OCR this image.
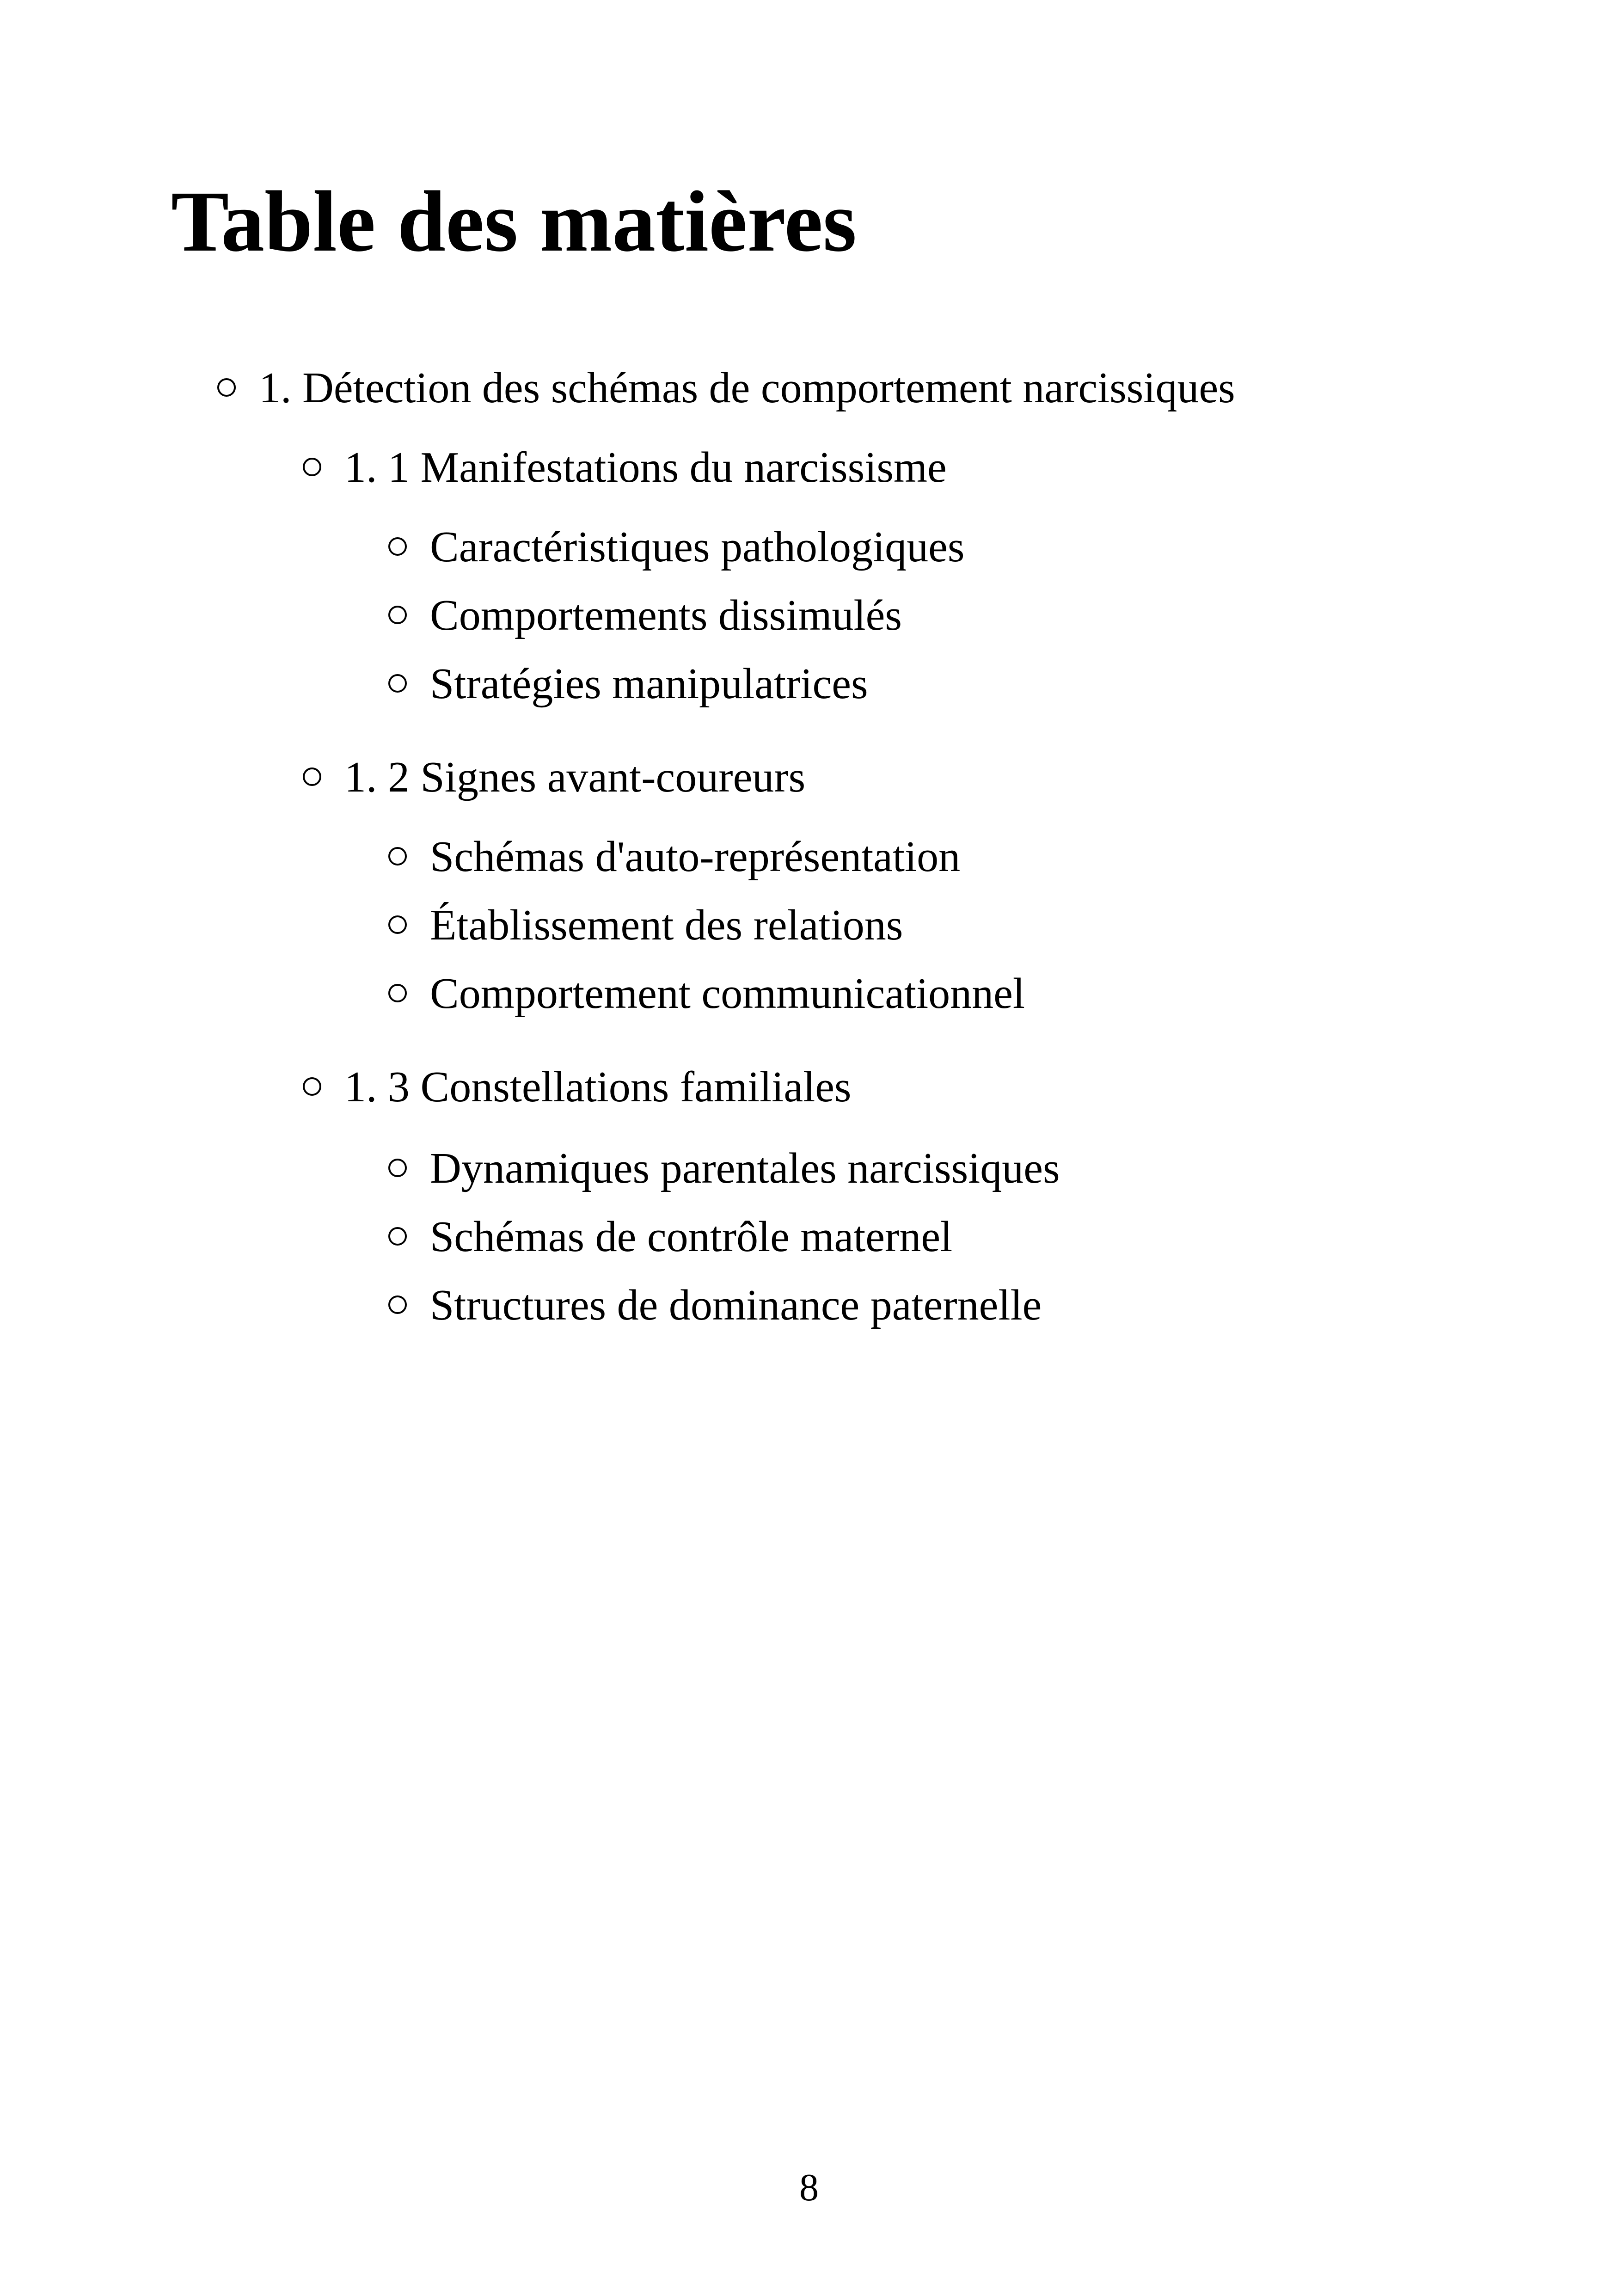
Table des matières
1. Détection des schémas de comportement narcissiques
1. 1 Manifestations du narcissisme
Caractéristiques pathologiques
Comportements dissimulés
Stratégies manipulatrices
1. 2 Signes avant-coureurs
Schémas d'auto-représentation
Établissement des relations
Comportement communicationnel
1. 3 Constellations familiales
Dynamiques parentales narcissiques
Schémas de contrôle maternel
Structures de dominance paternelle
8
